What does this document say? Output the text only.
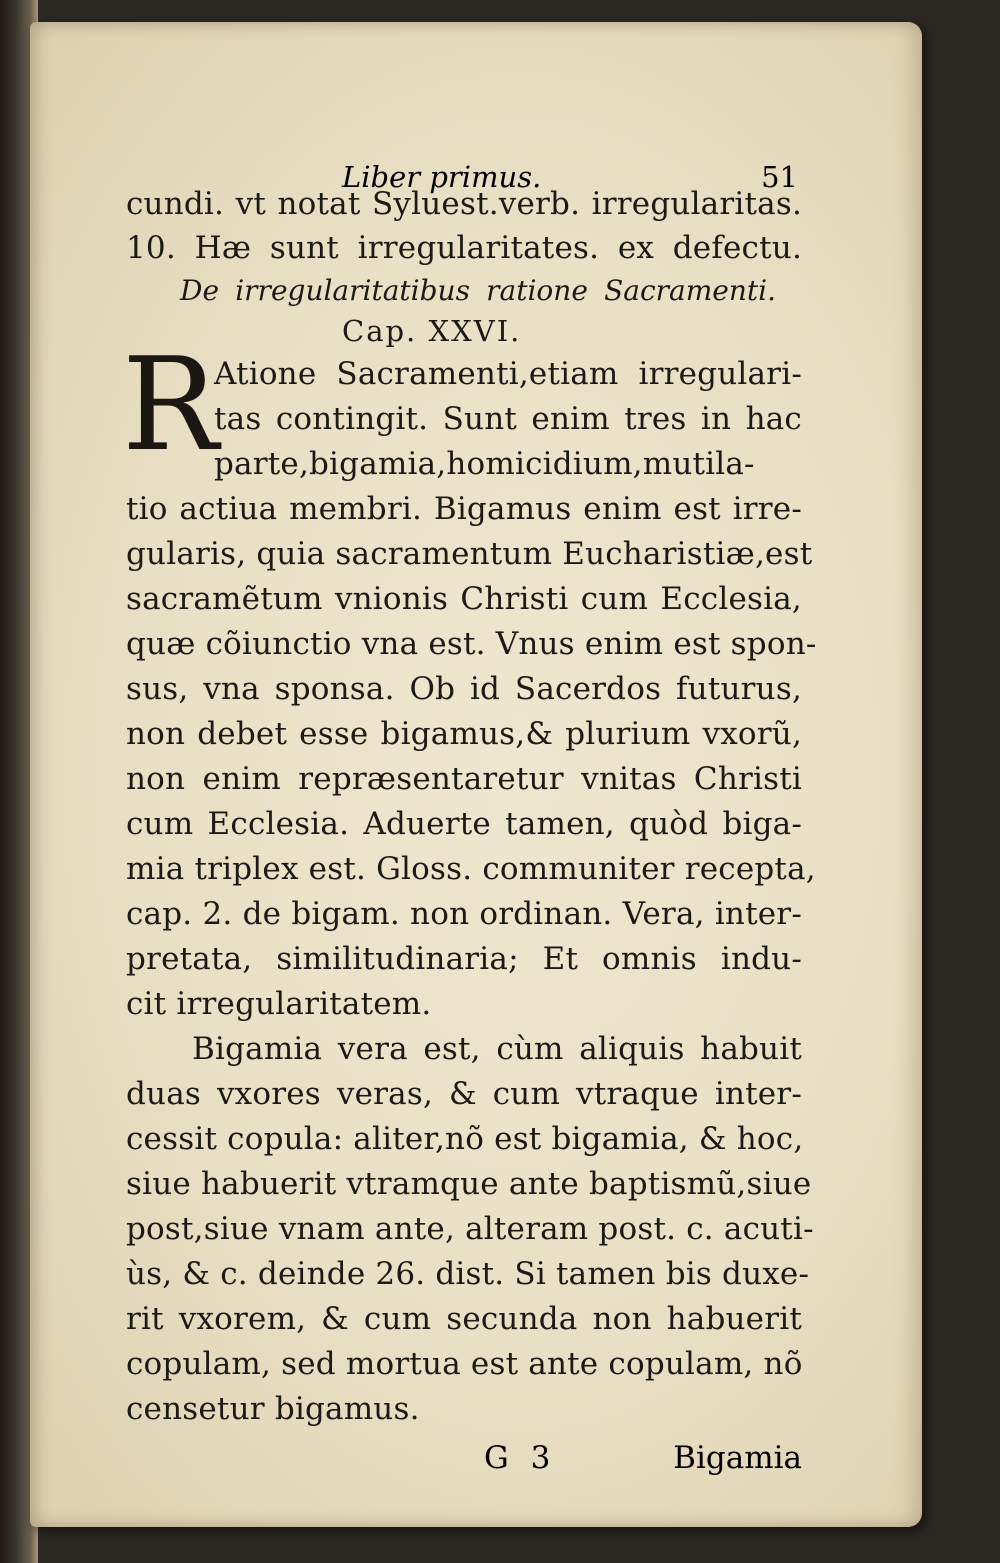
Liber primus.	51
cundi. vt notat Syluest.verb. irregularitas.
10. Hæ sunt irregularitates. ex defectu.
De irregularitatibus ratione Sacramenti.
Cap. XXVI.
R
Atione Sacramenti,etiam irregulari-
tas contingit. Sunt enim tres in hac
parte,bigamia,homicidium,mutila-
tio actiua membri. Bigamus enim est irre-
gularis, quia sacramentum Eucharistiæ,est
sacramẽtum vnionis Christi cum Ecclesia,
quæ cõiunctio vna est. Vnus enim est spon-
sus, vna sponsa. Ob id Sacerdos futurus,
non debet esse bigamus,& plurium vxorũ,
non enim repræsentaretur vnitas Christi
cum Ecclesia. Aduerte tamen, quòd biga-
mia triplex est. Gloss. communiter recepta,
cap. 2. de bigam. non ordinan. Vera, inter-
pretata, similitudinaria; Et omnis indu-
cit irregularitatem.
Bigamia vera est, cùm aliquis habuit
duas vxores veras, & cum vtraque inter-
cessit copula: aliter,nõ est bigamia, & hoc,
siue habuerit vtramque ante baptismũ,siue
post,siue vnam ante, alteram post. c. acuti-
ùs, & c. deinde 26. dist. Si tamen bis duxe-
rit vxorem, & cum secunda non habuerit
copulam, sed mortua est ante copulam, nõ
censetur bigamus.
G 3	Bigamia
